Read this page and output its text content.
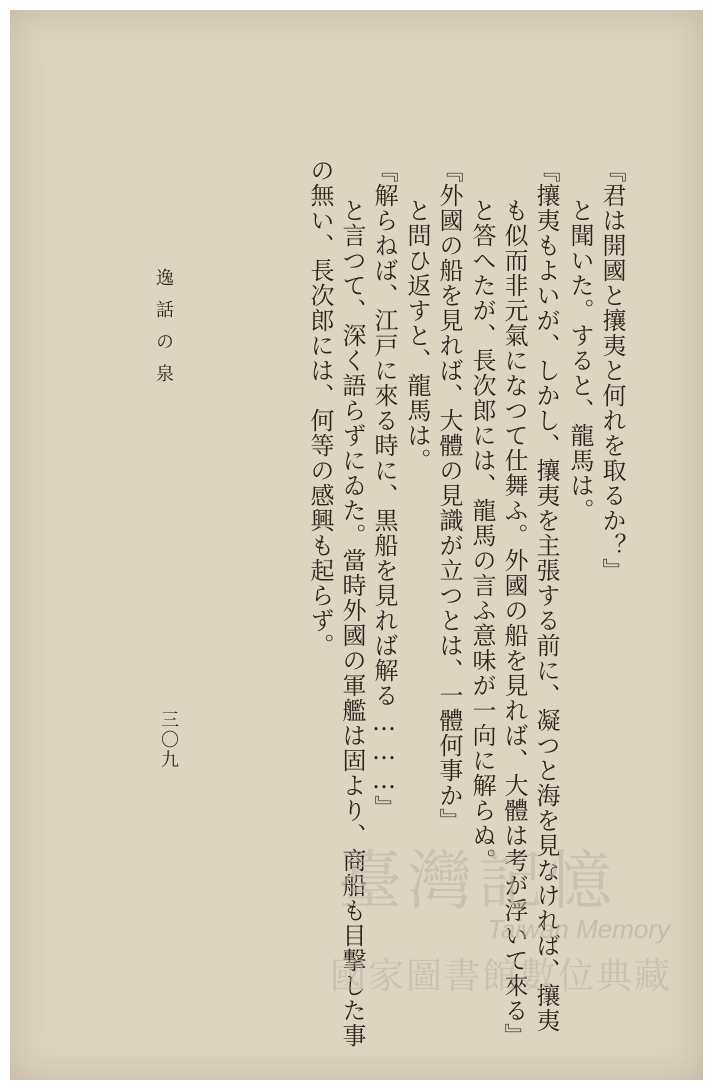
『君は開國と攘夷と何れを取るか？』
と聞いた。すると、龍馬は。
『攘夷もよいが、しかし、攘夷を主張する前に、凝つと海を見なければ、攘夷
も似而非元氣になつて仕舞ふ。外國の船を見れば、大體は考が浮いて來る』
と答へたが、長次郎には、龍馬の言ふ意味が一向に解らぬ。
『外國の船を見れば、大體の見識が立つとは、一體何事か』
と問ひ返すと、龍馬は。
『解らねば、江戸に來る時に、黒船を見れば解る………』
と言つて、深く語らずにゐた。當時外國の軍艦は固より、商船も目撃した事
の無い、長次郎には、何等の感興も起らず。
逸話の泉
三〇九
臺灣記憶
Taiwan Memory
國家圖書館數位典藏
